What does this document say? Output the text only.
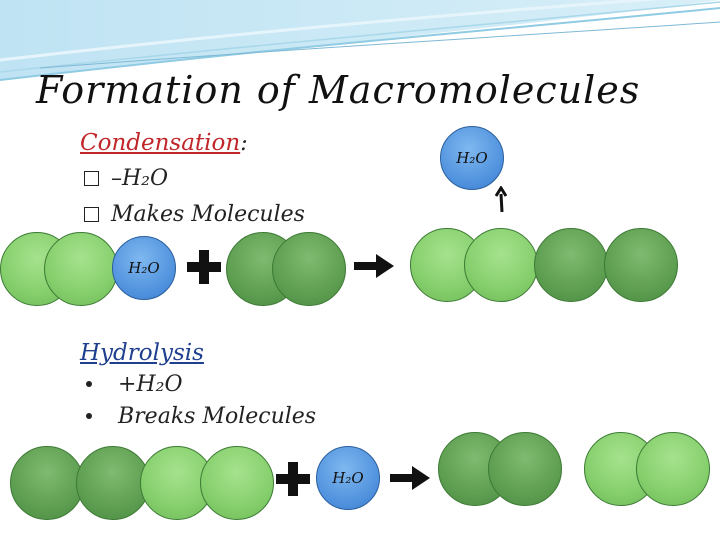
Formation of Macromolecules
Condensation:
–H₂O
Makes Molecules
H₂O
H₂O
Hydrolysis
+H₂O
Breaks Molecules
H₂O
